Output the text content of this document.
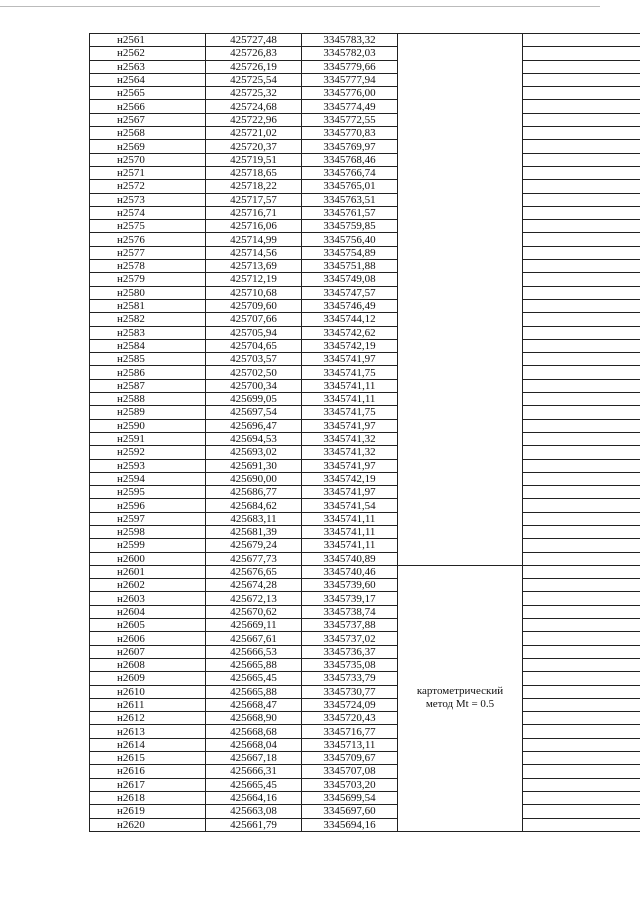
н2561	425727,48	3345783,32		
н2562	425726,83	3345782,03		
н2563	425726,19	3345779,66		
н2564	425725,54	3345777,94		
н2565	425725,32	3345776,00		
н2566	425724,68	3345774,49		
н2567	425722,96	3345772,55		
н2568	425721,02	3345770,83		
н2569	425720,37	3345769,97		
н2570	425719,51	3345768,46		
н2571	425718,65	3345766,74		
н2572	425718,22	3345765,01		
н2573	425717,57	3345763,51		
н2574	425716,71	3345761,57		
н2575	425716,06	3345759,85		
н2576	425714,99	3345756,40		
н2577	425714,56	3345754,89		
н2578	425713,69	3345751,88		
н2579	425712,19	3345749,08		
н2580	425710,68	3345747,57		
н2581	425709,60	3345746,49		
н2582	425707,66	3345744,12		
н2583	425705,94	3345742,62		
н2584	425704,65	3345742,19		
н2585	425703,57	3345741,97		
н2586	425702,50	3345741,75		
н2587	425700,34	3345741,11		
н2588	425699,05	3345741,11		
н2589	425697,54	3345741,75		
н2590	425696,47	3345741,97		
н2591	425694,53	3345741,32		
н2592	425693,02	3345741,32		
н2593	425691,30	3345741,97		
н2594	425690,00	3345742,19		
н2595	425686,77	3345741,97		
н2596	425684,62	3345741,54		
н2597	425683,11	3345741,11		
н2598	425681,39	3345741,11		
н2599	425679,24	3345741,11		
н2600	425677,73	3345740,89		
н2601	425676,65	3345740,46	картометрический метод Mt = 0.5	
н2602	425674,28	3345739,60		
н2603	425672,13	3345739,17		
н2604	425670,62	3345738,74		
н2605	425669,11	3345737,88		
н2606	425667,61	3345737,02		
н2607	425666,53	3345736,37		
н2608	425665,88	3345735,08		
н2609	425665,45	3345733,79		
н2610	425665,88	3345730,77		
н2611	425668,47	3345724,09		
н2612	425668,90	3345720,43		
н2613	425668,68	3345716,77		
н2614	425668,04	3345713,11		
н2615	425667,18	3345709,67		
н2616	425666,31	3345707,08		
н2617	425665,45	3345703,20		
н2618	425664,16	3345699,54		
н2619	425663,08	3345697,60		
н2620	425661,79	3345694,16		
